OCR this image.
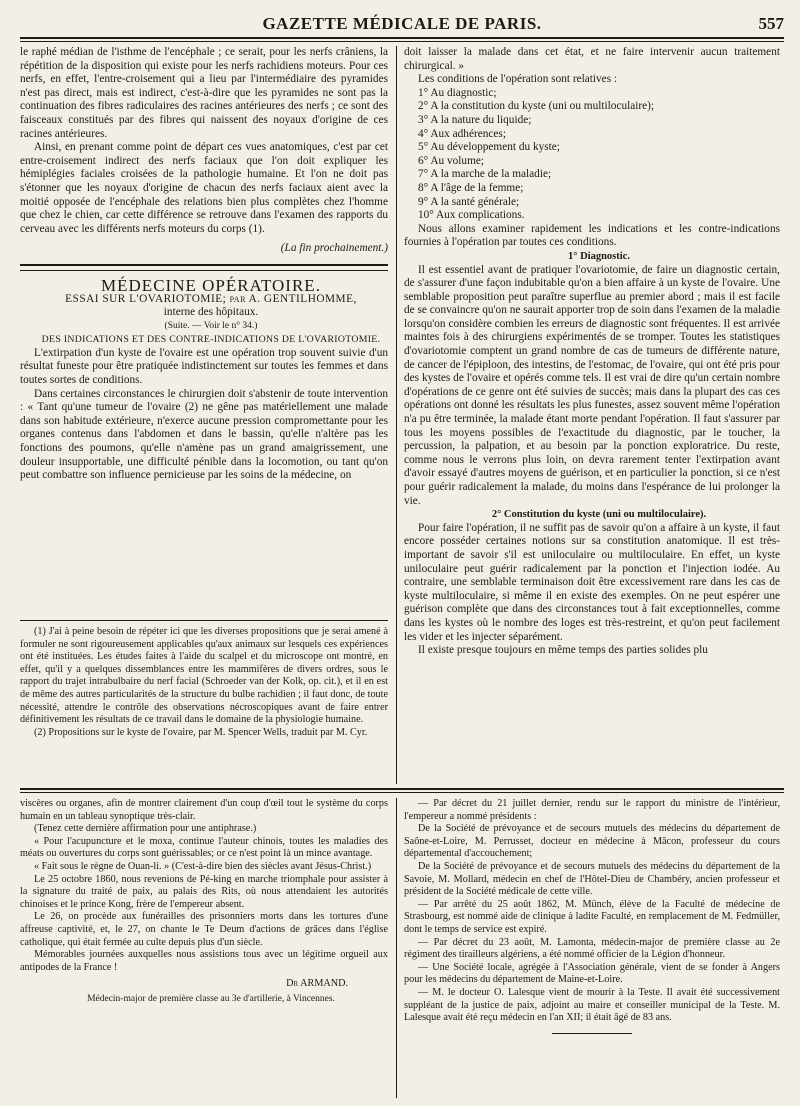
GAZETTE MÉDICALE DE PARIS.	557

le raphé médian de l'isthme de l'encéphale ; ce serait, pour les nerfs crâniens, la répétition de la disposition qui existe pour les nerfs rachidiens moteurs. Pour ces nerfs, en effet, l'entre-croisement qui a lieu par l'intermédiaire des pyramides n'est pas direct, mais est indirect, c'est-à-dire que les pyramides ne sont pas la continuation des fibres radiculaires des racines antérieures des nerfs ; ce sont des faisceaux constitués par des fibres qui naissent des noyaux d'origine de ces racines antérieures.

Ainsi, en prenant comme point de départ ces vues anatomiques, c'est par cet entre-croisement indirect des nerfs faciaux que l'on doit expliquer les hémiplégies faciales croisées de la pathologie humaine. Et l'on ne doit pas s'étonner que les noyaux d'origine de chacun des nerfs faciaux aient avec la moitié opposée de l'encéphale des relations bien plus complètes chez l'homme que chez le chien, car cette différence se retrouve dans l'examen des rapports du cerveau avec les différents nerfs moteurs du corps (1).

(La fin prochainement.)

MÉDECINE OPÉRATOIRE.

ESSAI SUR L'OVARIOTOMIE; par A. GENTILHOMME,

interne des hôpitaux.

(Suite. — Voir le n° 34.)

DES INDICATIONS ET DES CONTRE-INDICATIONS DE L'OVARIOTOMIE.

L'extirpation d'un kyste de l'ovaire est une opération trop souvent suivie d'un résultat funeste pour être pratiquée indistinctement sur toutes les femmes et dans toutes sortes de conditions.

Dans certaines circonstances le chirurgien doit s'abstenir de toute intervention : « Tant qu'une tumeur de l'ovaire (2) ne gêne pas matériellement une malade dans son habitude extérieure, n'exerce aucune pression compromettante pour les organes contenus dans l'abdomen et dans le bassin, qu'elle n'altère pas les fonctions des poumons, qu'elle n'amène pas un grand amaigrissement, une douleur insupportable, une difficulté pénible dans la locomotion, ou tant qu'on peut combattre son influence pernicieuse par les soins de la médecine, on

(1) J'ai à peine besoin de répéter ici que les diverses propositions que je serai amené à formuler ne sont rigoureusement applicables qu'aux animaux sur lesquels ces expériences ont été instituées. Les études faites à l'aide du scalpel et du microscope ont montré, en effet, qu'il y a quelques dissemblances entre les mammifères de divers ordres, sous le rapport du trajet intrabulbaire du nerf facial (Schroeder van der Kolk, op. cit.), et il en est de même des autres particularités de la structure du bulbe rachidien ; il faut donc, de toute nécessité, attendre le contrôle des observations nécroscopiques avant de faire entrer définitivement les résultats de ce travail dans le domaine de la physiologie humaine.

(2) Propositions sur le kyste de l'ovaire, par M. Spencer Wells, traduit par M. Cyr.

doit laisser la malade dans cet état, et ne faire intervenir aucun traitement chirurgical. »

Les conditions de l'opération sont relatives :

1° Au diagnostic;

2° A la constitution du kyste (uni ou multiloculaire);

3° A la nature du liquide;

4° Aux adhérences;

5° Au développement du kyste;

6° Au volume;

7° A la marche de la maladie;

8° A l'âge de la femme;

9° A la santé générale;

10° Aux complications.

Nous allons examiner rapidement les indications et les contre-indications fournies à l'opération par toutes ces conditions.

1° Diagnostic.

Il est essentiel avant de pratiquer l'ovariotomie, de faire un diagnostic certain, de s'assurer d'une façon indubitable qu'on a bien affaire à un kyste de l'ovaire. Une semblable proposition peut paraître superflue au premier abord ; mais il est facile de se convaincre qu'on ne saurait apporter trop de soin dans l'examen de la maladie lorsqu'on considère combien les erreurs de diagnostic sont fréquentes. Il est arrivée maintes fois à des chirurgiens expérimentés de se tromper. Toutes les statistiques d'ovariotomie comptent un grand nombre de cas de tumeurs de différente nature, de cancer de l'épiploon, des intestins, de l'estomac, de l'ovaire, qui ont été pris pour des kystes de l'ovaire et opérés comme tels. Il est vrai de dire qu'un certain nombre d'opérations de ce genre ont été suivies de succès; mais dans la plupart des cas ces opérations ont donné les résultats les plus funestes, assez souvent même l'opération n'a pu être terminée, la malade étant morte pendant l'opération. Il faut s'assurer par tous les moyens possibles de l'exactitude du diagnostic, par le toucher, la percussion, la palpation, et au besoin par la ponction exploratrice. Du reste, comme nous le verrons plus loin, on devra rarement tenter l'extirpation avant d'avoir essayé d'autres moyens de guérison, et en particulier la ponction, si ce n'est pour guérir radicalement la malade, du moins dans l'espérance de lui prolonger la vie.

2° Constitution du kyste (uni ou multiloculaire).

Pour faire l'opération, il ne suffit pas de savoir qu'on a affaire à un kyste, il faut encore posséder certaines notions sur sa constitution anatomique. Il est très-important de savoir s'il est uniloculaire ou multiloculaire. En effet, un kyste uniloculaire peut guérir radicalement par la ponction et l'injection iodée. Au contraire, une semblable terminaison doit être excessivement rare dans les cas de kyste multiloculaire, si même il en existe des exemples. On ne peut espérer une guérison complète que dans des circonstances tout à fait exceptionnelles, comme dans les kystes où le nombre des loges est très-restreint, et qu'on peut facilement les vider et les injecter séparément.

Il existe presque toujours en même temps des parties solides plu

viscères ou organes, afin de montrer clairement d'un coup d'œil tout le système du corps humain en un tableau synoptique très-clair.

(Tenez cette dernière affirmation pour une antiphrase.)

« Pour l'acupuncture et le moxa, continue l'auteur chinois, toutes les maladies des méats ou ouvertures du corps sont guérissables; or ce n'est point là un mince avantage.

« Fait sous le règne de Ouan-li. » (C'est-à-dire bien des siècles avant Jésus-Christ.)

Le 25 octobre 1860, nous revenions de Pé-king en marche triomphale pour assister à la signature du traité de paix, au palais des Rits, où nous attendaient les autorités chinoises et le prince Kong, frère de l'empereur absent.

Le 26, on procède aux funérailles des prisonniers morts dans les tortures d'une affreuse captivité, et, le 27, on chante le Te Deum d'actions de grâces dans l'église catholique, qui était fermée au culte depuis plus d'un siècle.

Mémorables journées auxquelles nous assistions tous avec un légitime orgueil aux antipodes de la France !

Dr ARMAND.

Médecin-major de première classe au 3e d'artillerie, à Vincennes.

— Par décret du 21 juillet dernier, rendu sur le rapport du ministre de l'intérieur, l'empereur a nommé présidents :

De la Société de prévoyance et de secours mutuels des médecins du département de Saône-et-Loire, M. Perrusset, docteur en médecine à Mâcon, professeur du cours départemental d'accouchement;

De la Société de prévoyance et de secours mutuels des médecins du département de la Savoie, M. Mollard, médecin en chef de l'Hôtel-Dieu de Chambéry, ancien professeur et président de la Société médicale de cette ville.

— Par arrêté du 25 août 1862, M. Münch, élève de la Faculté de médecine de Strasbourg, est nommé aide de clinique à ladite Faculté, en remplacement de M. Fedmüller, dont le temps de service est expiré.

— Par décret du 23 août, M. Lamonta, médecin-major de première classe au 2e régiment des tirailleurs algériens, a été nommé officier de la Légion d'honneur.

— Une Société locale, agrégée à l'Association générale, vient de se fonder à Angers pour les médecins du département de Maine-et-Loire.

— M. le docteur O. Lalesque vient de mourir à la Teste. Il avait été successivement suppléant de la justice de paix, adjoint au maire et conseiller municipal de la Teste. M. Lalesque avait été reçu médecin en l'an XII; il était âgé de 83 ans.
